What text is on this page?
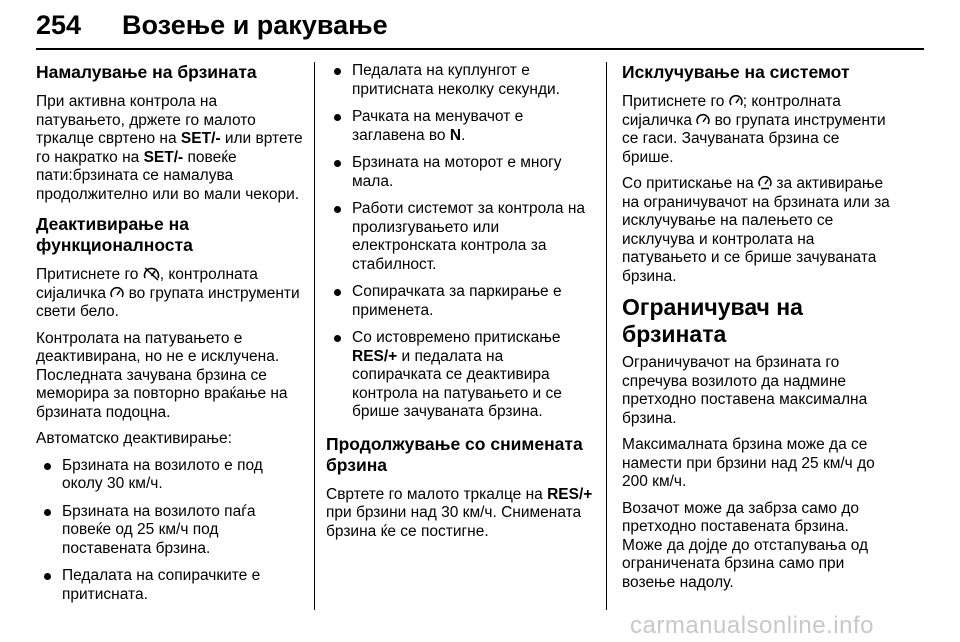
254 Возење и ракување
Намалување на брзината

При активна контрола на патувањето, држете го малото тркалце свртено на SET/- или вртете го накратко на SET/- повеќе пати:брзината се намалува продолжително или во мали чекори.

Деактивирање на функционалноста

Притиснете го , контролната сијаличка во групата инструменти свети бело.

Контролата на патувањето е деактивирана, но не е исклучена. Последната зачувана брзина се меморира за повторно враќање на брзината подоцна.

Автоматско деактивирање:

Брзината на возилото е под околу 30 км/ч.
Брзината на возилото паѓа повеќе од 25 км/ч под поставената брзина.
Педалата на сопирачките е притисната.
Педалата на куплунгот е притисната неколку секунди.
Рачката на менувачот е заглавена во N.
Брзината на моторот е многу мала.
Работи системот за контрола на пролизгувањето или електронската контрола за стабилност.
Сопирачката за паркирање е применета.
Со истовремено притискање RES/+ и педалата на сопирачката се деактивира контрола на патувањето и се брише зачуваната брзина.
Продолжување со снимената брзина

Свртете го малото тркалце на RES/+ при брзини над 30 км/ч. Снимената брзина ќе се постигне.

Исклучување на системот

Притиснете го ; контролната сијаличка во групата инструменти се гаси. Зачуваната брзина се брише.

Со притискање на за активирање на ограничувачот на брзината или за исклучување на палењето се исклучува и контролата на патувањето и се брише зачуваната брзина.

Ограничувач на брзината

Ограничувачот на брзината го спречува возилото да надмине претходно поставена максимална брзина.

Максималната брзина може да се намести при брзини над 25 км/ч до 200 км/ч.

Возачот може да забрза само до претходно поставената брзина. Може да дојде до отстапувања од ограничената брзина само при возење надолу.

carmanualsonline.info
